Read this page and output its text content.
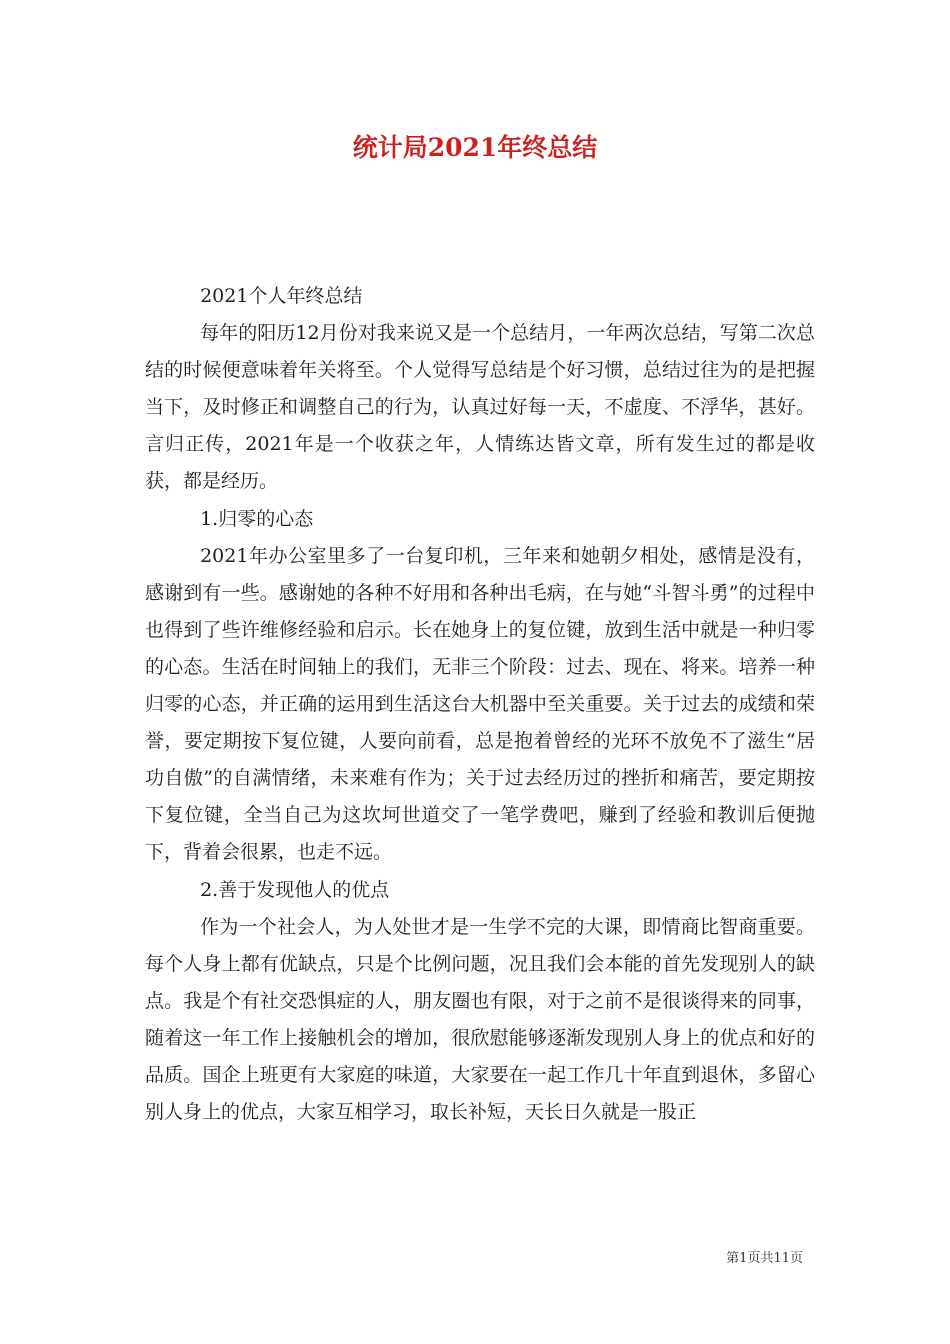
统计局2021年终总结

2021个人年终总结

每年的阳历12月份对我来说又是一个总结月，一年两次总结，写第二次总结的时候便意味着年关将至。个人觉得写总结是个好习惯，总结过往为的是把握当下，及时修正和调整自己的行为，认真过好每一天，不虚度、不浮华，甚好。言归正传，2021年是一个收获之年，人情练达皆文章，所有发生过的都是收获，都是经历。

1.归零的心态

2021年办公室里多了一台复印机，三年来和她朝夕相处，感情是没有，感谢到有一些。感谢她的各种不好用和各种出毛病，在与她“斗智斗勇”的过程中也得到了些许维修经验和启示。长在她身上的复位键，放到生活中就是一种归零的心态。生活在时间轴上的我们，无非三个阶段：过去、现在、将来。培养一种归零的心态，并正确的运用到生活这台大机器中至关重要。关于过去的成绩和荣誉，要定期按下复位键，人要向前看，总是抱着曾经的光环不放免不了滋生“居功自傲”的自满情绪，未来难有作为；关于过去经历过的挫折和痛苦，要定期按下复位键，全当自己为这坎坷世道交了一笔学费吧，赚到了经验和教训后便抛下，背着会很累，也走不远。

2.善于发现他人的优点

作为一个社会人，为人处世才是一生学不完的大课，即情商比智商重要。每个人身上都有优缺点，只是个比例问题，况且我们会本能的首先发现别人的缺点。我是个有社交恐惧症的人，朋友圈也有限，对于之前不是很谈得来的同事，随着这一年工作上接触机会的增加，很欣慰能够逐渐发现别人身上的优点和好的品质。国企上班更有大家庭的味道，大家要在一起工作几十年直到退休，多留心别人身上的优点，大家互相学习，取长补短，天长日久就是一股正

第1页共11页
